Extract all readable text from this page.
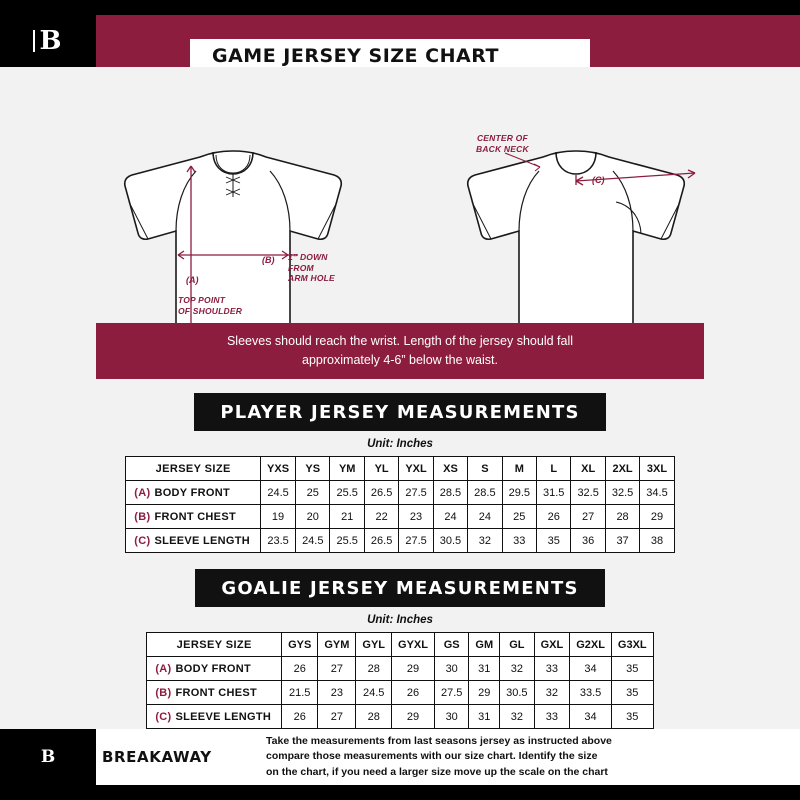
B	GAME JERSEY SIZE CHART
CENTER OF
BACK NECK
(C)
(B)
(A)
1” DOWN
FROM
ARM HOLE
TOP POINT
OF SHOULDER
Sleeves should reach the wrist. Length of the jersey should fall
approximately 4-6” below the waist.
PLAYER JERSEY MEASUREMENTS
Unit: Inches
JERSEY SIZE	YXS	YS	YM	YL	YXL	XS	S	M	L	XL	2XL	3XL
(A) BODY FRONT	24.5	25	25.5	26.5	27.5	28.5	28.5	29.5	31.5	32.5	32.5	34.5
(B) FRONT CHEST	19	20	21	22	23	24	24	25	26	27	28	29
(C) SLEEVE LENGTH	23.5	24.5	25.5	26.5	27.5	30.5	32	33	35	36	37	38
GOALIE JERSEY MEASUREMENTS
Unit: Inches
JERSEY SIZE	GYS	GYM	GYL	GYXL	GS	GM	GL	GXL	G2XL	G3XL
(A) BODY FRONT	26	27	28	29	30	31	32	33	34	35
(B) FRONT CHEST	21.5	23	24.5	26	27.5	29	30.5	32	33.5	35
(C) SLEEVE LENGTH	26	27	28	29	30	31	32	33	34	35
B	BREAKAWAY
Take the measurements from last seasons jersey as instructed above
compare those measurements with our size chart. Identify the size
on the chart, if you need a larger size move up the scale on the chart
